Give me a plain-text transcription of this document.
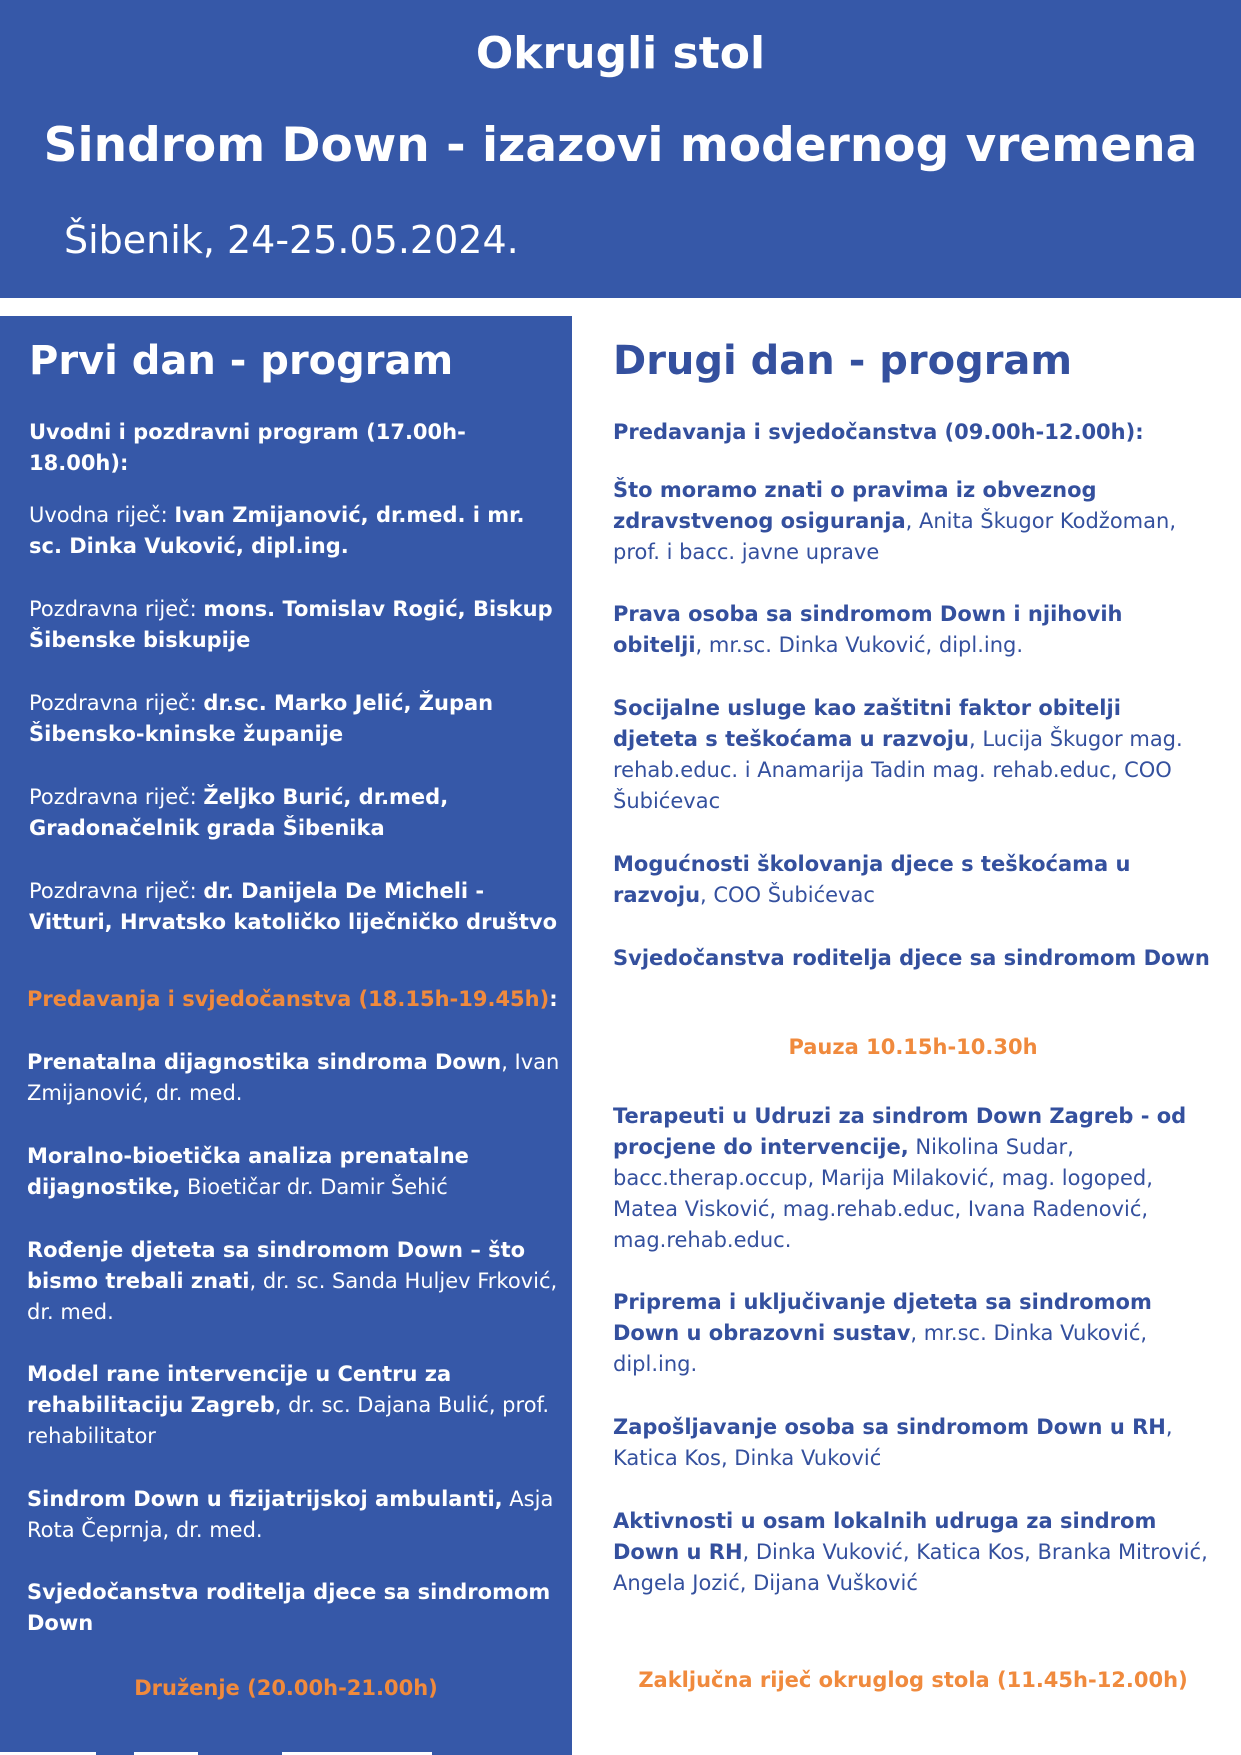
Okrugli stol
Sindrom Down - izazovi modernog vremena
Šibenik, 24-25.05.2024.
Prvi dan - program
Uvodni i pozdravni program (17.00h- 18.00h):
Uvodna riječ: Ivan Zmijanović, dr.med. i mr. sc. Dinka Vuković, dipl.ing.
Pozdravna riječ: mons. Tomislav Rogić, Biskup Šibenske biskupije
Pozdravna riječ: dr.sc. Marko Jelić, Župan Šibensko-kninske županije
Pozdravna riječ: Željko Burić, dr.med, Gradonačelnik grada Šibenika
Pozdravna riječ: dr. Danijela De Micheli - Vitturi, Hrvatsko katoličko liječničko društvo
Predavanja i svjedočanstva (18.15h-19.45h):
Prenatalna dijagnostika sindroma Down, Ivan Zmijanović, dr. med.
Moralno-bioetička analiza prenatalne dijagnostike, Bioetičar dr. Damir Šehić
Rođenje djeteta sa sindromom Down – što bismo trebali znati, dr. sc. Sanda Huljev Frković, dr. med.
Model rane intervencije u Centru za rehabilitaciju Zagreb, dr. sc. Dajana Bulić, prof. rehabilitator
Sindrom Down u fizijatrijskoj ambulanti, Asja Rota Čeprnja, dr. med.
Svjedočanstva roditelja djece sa sindromom Down
Druženje (20.00h-21.00h)
Drugi dan - program
Predavanja i svjedočanstva (09.00h-12.00h):
Što moramo znati o pravima iz obveznog zdravstvenog osiguranja, Anita Škugor Kodžoman, prof. i bacc. javne uprave
Prava osoba sa sindromom Down i njihovih obitelji, mr.sc. Dinka Vuković, dipl.ing.
Socijalne usluge kao zaštitni faktor obitelji djeteta s teškoćama u razvoju, Lucija Škugor mag. rehab.educ. i Anamarija Tadin mag. rehab.educ, COO Šubićevac
Mogućnosti školovanja djece s teškoćama u razvoju, COO Šubićevac
Svjedočanstva roditelja djece sa sindromom Down
Pauza 10.15h-10.30h
Terapeuti u Udruzi za sindrom Down Zagreb - od procjene do intervencije, Nikolina Sudar, bacc.therap.occup, Marija Milaković, mag. logoped, Matea Visković, mag.rehab.educ, Ivana Radenović, mag.rehab.educ.
Priprema i uključivanje djeteta sa sindromom Down u obrazovni sustav, mr.sc. Dinka Vuković, dipl.ing.
Zapošljavanje osoba sa sindromom Down u RH, Katica Kos, Dinka Vuković
Aktivnosti u osam lokalnih udruga za sindrom Down u RH, Dinka Vuković, Katica Kos, Branka Mitrović, Angela Jozić, Dijana Vušković
Zaključna riječ okruglog stola (11.45h-12.00h)
